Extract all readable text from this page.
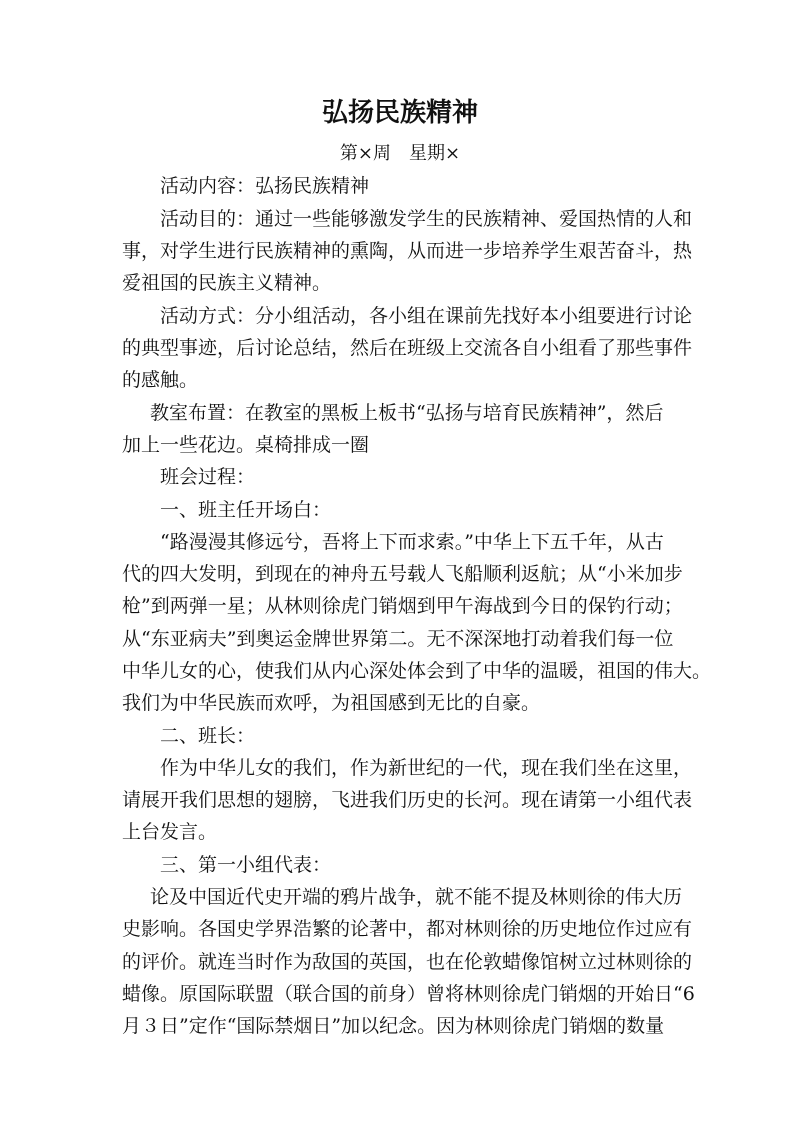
弘扬民族精神

第×周　星期×

活动内容：弘扬民族精神

活动目的：通过一些能够激发学生的民族精神、爱国热情的人和

事，对学生进行民族精神的熏陶，从而进一步培养学生艰苦奋斗，热

爱祖国的民族主义精神。

活动方式：分小组活动，各小组在课前先找好本小组要进行讨论

的典型事迹，后讨论总结，然后在班级上交流各自小组看了那些事件

的感触。

教室布置：在教室的黑板上板书“弘扬与培育民族精神”，然后

加上一些花边。桌椅排成一圈

班会过程：

一、班主任开场白：

“路漫漫其修远兮，吾将上下而求索。”中华上下五千年，从古

代的四大发明，到现在的神舟五号载人飞船顺利返航；从“小米加步

枪”到两弹一星；从林则徐虎门销烟到甲午海战到今日的保钓行动；

从“东亚病夫”到奥运金牌世界第二。无不深深地打动着我们每一位

中华儿女的心，使我们从内心深处体会到了中华的温暖，祖国的伟大。

我们为中华民族而欢呼，为祖国感到无比的自豪。

二、班长：

作为中华儿女的我们，作为新世纪的一代，现在我们坐在这里，

请展开我们思想的翅膀，飞进我们历史的长河。现在请第一小组代表

上台发言。

三、第一小组代表：

论及中国近代史开端的鸦片战争，就不能不提及林则徐的伟大历

史影响。各国史学界浩繁的论著中，都对林则徐的历史地位作过应有

的评价。就连当时作为敌国的英国，也在伦敦蜡像馆树立过林则徐的

蜡像。原国际联盟（联合国的前身）曾将林则徐虎门销烟的开始日“6

月３日”定作“国际禁烟日”加以纪念。因为林则徐虎门销烟的数量
